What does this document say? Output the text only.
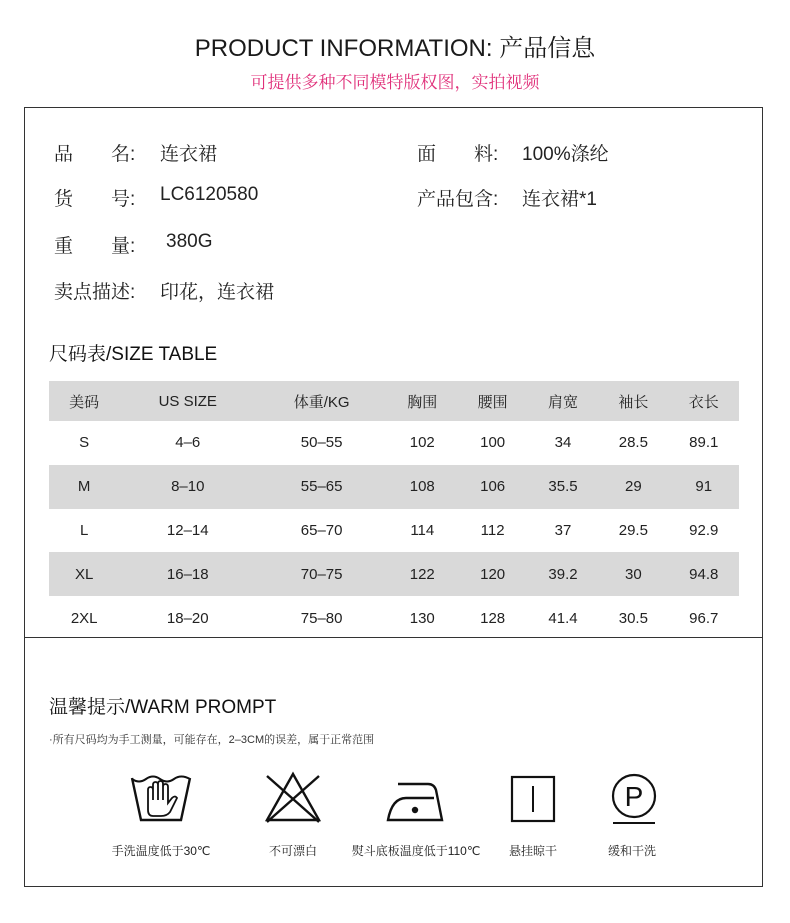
PRODUCT INFORMATION: 产品信息
可提供多种不同模特版权图，实拍视频
品　　名: 连衣裙	面　　料: 100%涤纶
货　　号: LC6120580	产品包含: 连衣裙*1
重　　量: 380G
卖点描述: 印花，连衣裙
尺码表/SIZE TABLE
美码	US SIZE	体重/KG	胸围	腰围	肩宽	袖长	衣长
S	4–6	50–55	102	100	34	28.5	89.1
M	8–10	55–65	108	106	35.5	29	91
L	12–14	65–70	114	112	37	29.5	92.9
XL	16–18	70–75	122	120	39.2	30	94.8
2XL	18–20	75–80	130	128	41.4	30.5	96.7
温馨提示/WARM PROMPT
·所有尺码均为手工测量，可能存在，2–3CM的误差，属于正常范围
手洗温度低于30℃	不可漂白	熨斗底板温度低于110℃	悬挂晾干
P
缓和干洗
